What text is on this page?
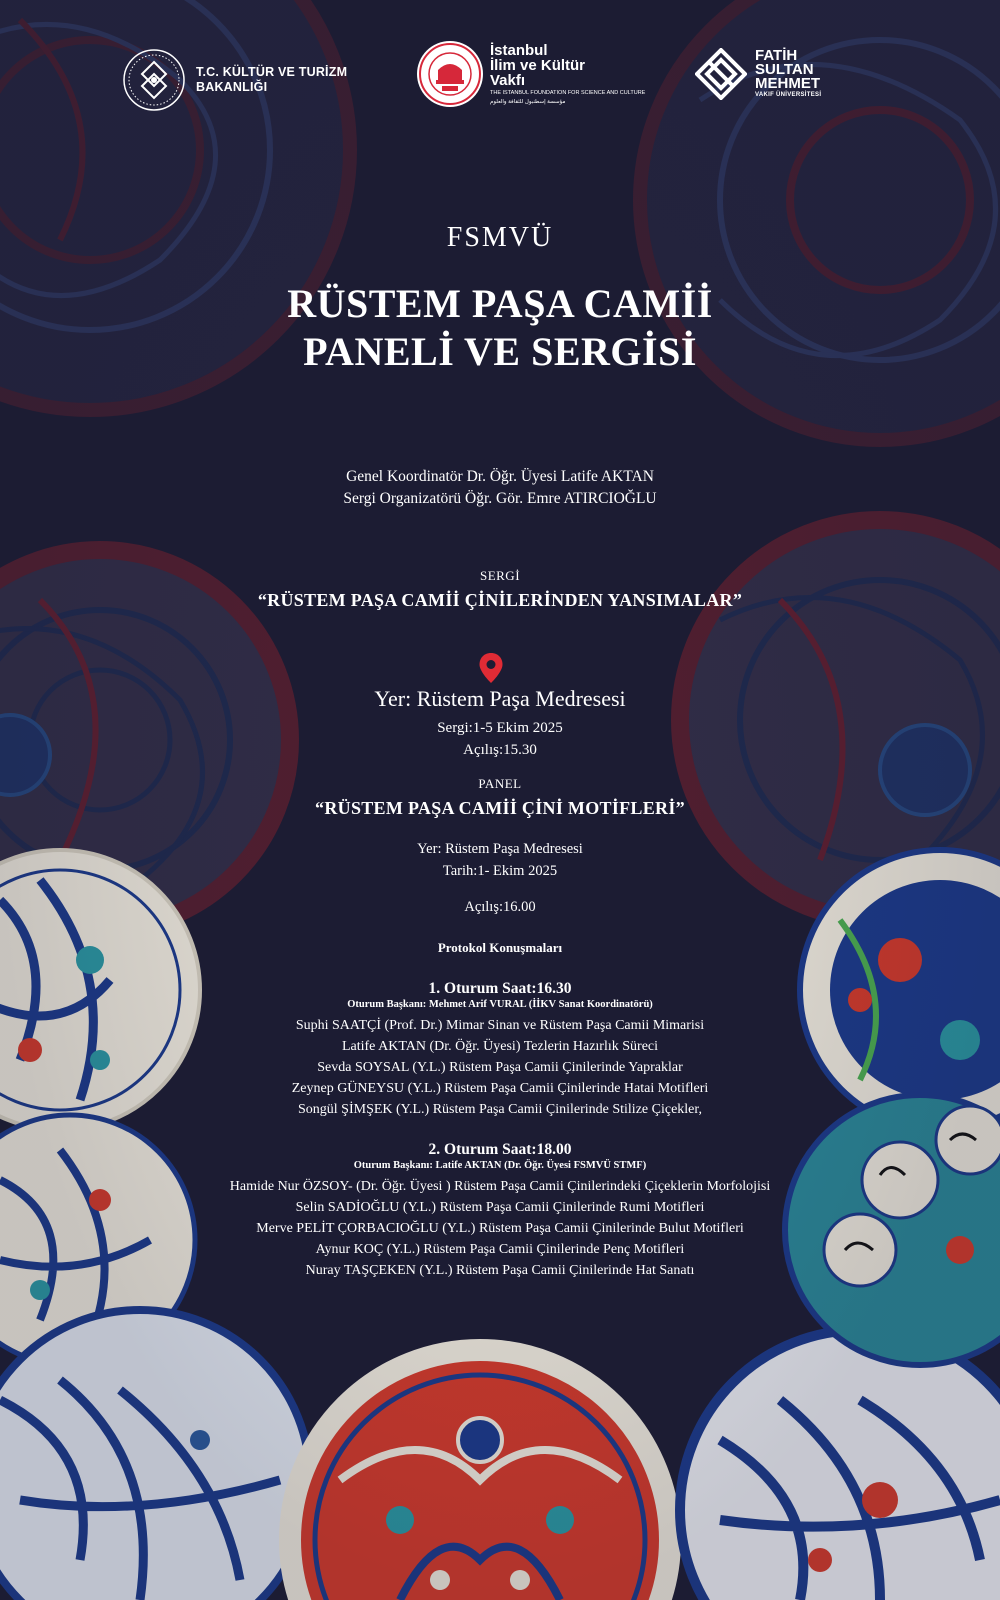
T.C. KÜLTÜR VE TURİZM
BAKANLIĞI
İstanbul
İlim ve Kültür
Vakfı
THE ISTANBUL FOUNDATION FOR SCIENCE AND CULTURE
مؤسسة إسطنبول للثقافة والعلوم
FATİH
SULTAN
MEHMET
VAKIF ÜNİVERSİTESİ
FSMVÜ
RÜSTEM PAŞA CAMİİ
PANELİ VE SERGİSİ
Genel Koordinatör Dr. Öğr. Üyesi Latife AKTAN
Sergi Organizatörü Öğr. Gör. Emre ATIRCIOĞLU
SERGİ
“RÜSTEM PAŞA CAMİİ ÇİNİLERİNDEN YANSIMALAR”
Yer: Rüstem Paşa Medresesi
Sergi:1-5 Ekim 2025
Açılış:15.30
PANEL
“RÜSTEM PAŞA CAMİİ ÇİNİ MOTİFLERİ”
Yer: Rüstem Paşa Medresesi
Tarih:1- Ekim 2025
Açılış:16.00
Protokol Konuşmaları
1. Oturum Saat:16.30
Oturum Başkanı: Mehmet Arif VURAL (İİKV Sanat Koordinatörü)
Suphi SAATÇİ (Prof. Dr.) Mimar Sinan ve Rüstem Paşa Camii Mimarisi
Latife AKTAN (Dr. Öğr. Üyesi) Tezlerin Hazırlık Süreci
Sevda SOYSAL (Y.L.) Rüstem Paşa Camii Çinilerinde Yapraklar
Zeynep GÜNEYSU (Y.L.) Rüstem Paşa Camii Çinilerinde Hatai Motifleri
Songül ŞİMŞEK (Y.L.) Rüstem Paşa Camii Çinilerinde Stilize Çiçekler,
2. Oturum Saat:18.00
Oturum Başkanı: Latife AKTAN (Dr. Öğr. Üyesi FSMVÜ STMF)
Hamide Nur ÖZSOY- (Dr. Öğr. Üyesi ) Rüstem Paşa Camii Çinilerindeki Çiçeklerin Morfolojisi
Selin SADİOĞLU (Y.L.) Rüstem Paşa Camii Çinilerinde Rumi Motifleri
Merve PELİT ÇORBACIOĞLU (Y.L.) Rüstem Paşa Camii Çinilerinde Bulut Motifleri
Aynur KOÇ (Y.L.) Rüstem Paşa Camii Çinilerinde Penç Motifleri
Nuray TAŞÇEKEN (Y.L.) Rüstem Paşa Camii Çinilerinde Hat Sanatı
